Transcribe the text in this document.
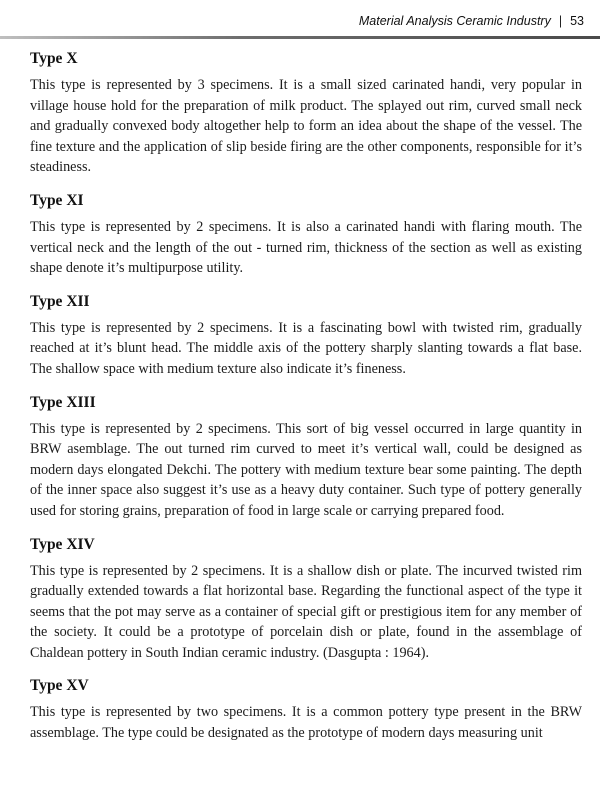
Material Analysis Ceramic Industry | 53
Type X

This type is represented by 3 specimens. It is a small sized carinated handi, very popular in village house hold for the preparation of milk product. The splayed out rim, curved small neck and gradually convexed body altogether help to form an idea about the shape of the vessel. The fine texture and the application of slip beside firing are the other components, responsible for it’s steadiness.

Type XI

This type is represented by 2 specimens. It is also a carinated handi with flaring mouth. The vertical neck and the length of the out - turned rim, thickness of the section as well as existing shape denote it’s multipurpose utility.

Type XII

This type is represented by 2 specimens. It is a fascinating bowl with twisted rim, gradually reached at it’s blunt head. The middle axis of the pottery sharply slanting towards a flat base. The shallow space with medium texture also indicate it’s fineness.

Type XIII

This type is represented by 2 specimens. This sort of big vessel occurred in large quantity in BRW asemblage. The out turned rim curved to meet it’s vertical wall, could be designed as modern days elongated Dekchi. The pottery with medium texture bear some painting. The depth of the inner space also suggest it’s use as a heavy duty container. Such type of pottery generally used for storing grains, preparation of food in large scale or carrying prepared food.

Type XIV

This type is represented by 2 specimens. It is a shallow dish or plate. The incurved twisted rim gradually extended towards a flat horizontal base. Regarding the functional aspect of the type it seems that the pot may serve as a container of special gift or prestigious item for any member of the society. It could be a prototype of porcelain dish or plate, found in the assemblage of Chaldean pottery in South Indian ceramic industry. (Dasgupta : 1964).

Type XV

This type is represented by two specimens. It is a common pottery type present in the BRW assemblage. The type could be designated as the prototype of modern days measuring unit
